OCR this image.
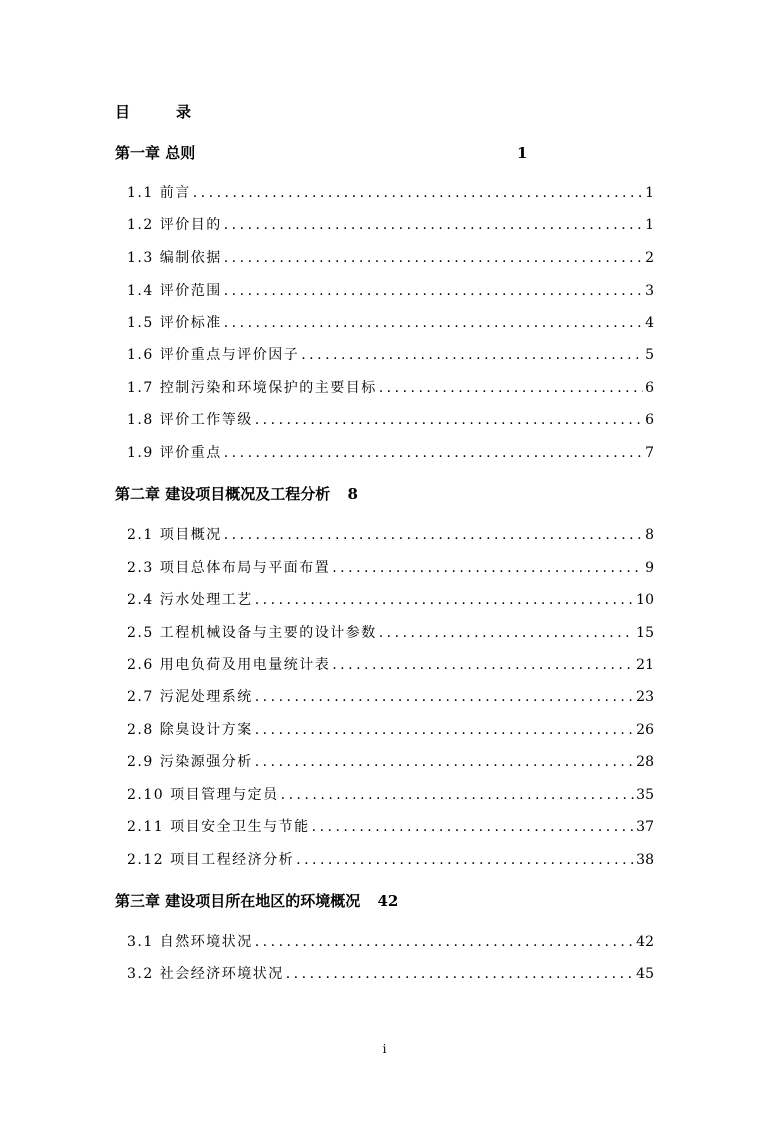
目	录
第一章 总则	1
1.1 前言 .....	1
1.2 评价目的 .....	1
1.3 编制依据 .....	2
1.4 评价范围 .....	3
1.5 评价标准 .....	4
1.6 评价重点与评价因子 .....	5
1.7 控制污染和环境保护的主要目标 .....	6
1.8 评价工作等级 .....	6
1.9 评价重点 .....	7
第二章 建设项目概况及工程分析 8
2.1 项目概况 .....	8
2.3 项目总体布局与平面布置 .....	9
2.4 污水处理工艺 .....	10
2.5 工程机械设备与主要的设计参数 .....	15
2.6 用电负荷及用电量统计表 .....	21
2.7 污泥处理系统 .....	23
2.8 除臭设计方案 .....	26
2.9 污染源强分析 .....	28
2.10 项目管理与定员 .....	35
2.11 项目安全卫生与节能 .....	37
2.12 项目工程经济分析 .....	38
第三章 建设项目所在地区的环境概况 42
3.1 自然环境状况 .....	42
3.2 社会经济环境状况 .....	45
i
